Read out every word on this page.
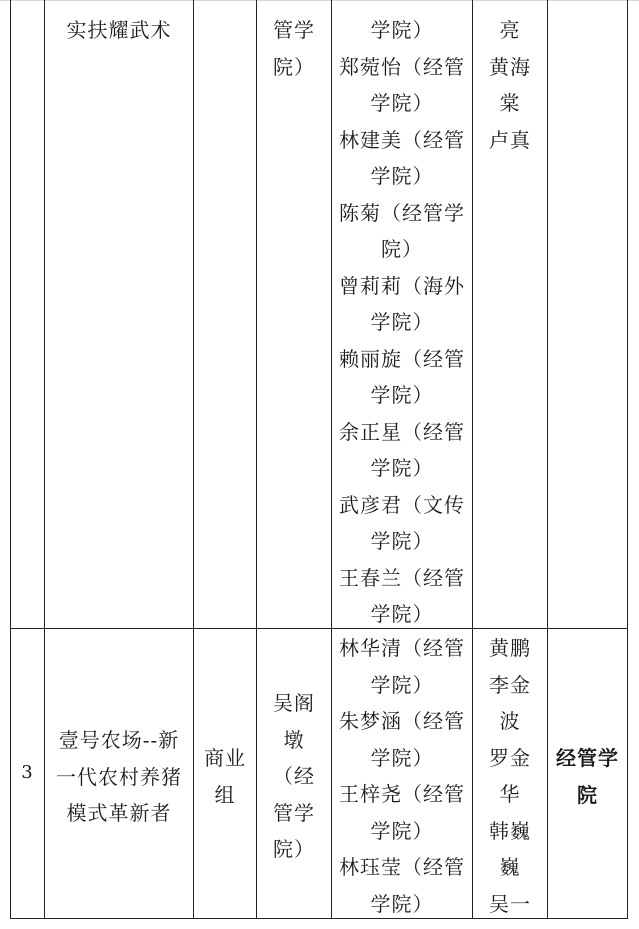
实扶耀武术	管学
院）
学院）
郑菀怡（经管
学院）
林建美（经管
学院）
陈菊（经管学
院）
曾莉莉（海外
学院）
赖丽旋（经管
学院）
余正星（经管
学院）
武彦君（文传
学院）
王春兰（经管
学院）
亮
黄海
棠
卢真
3
壹号农场--新
一代农村养猪
模式革新者
商业
组
吴阁
墩
（经
管学
院）
林华清（经管
学院）
朱梦涵（经管
学院）
王梓尧（经管
学院）
林珏莹（经管
学院）
黄鹏
李金
波
罗金
华
韩巍
巍
吴一
经管学
院
